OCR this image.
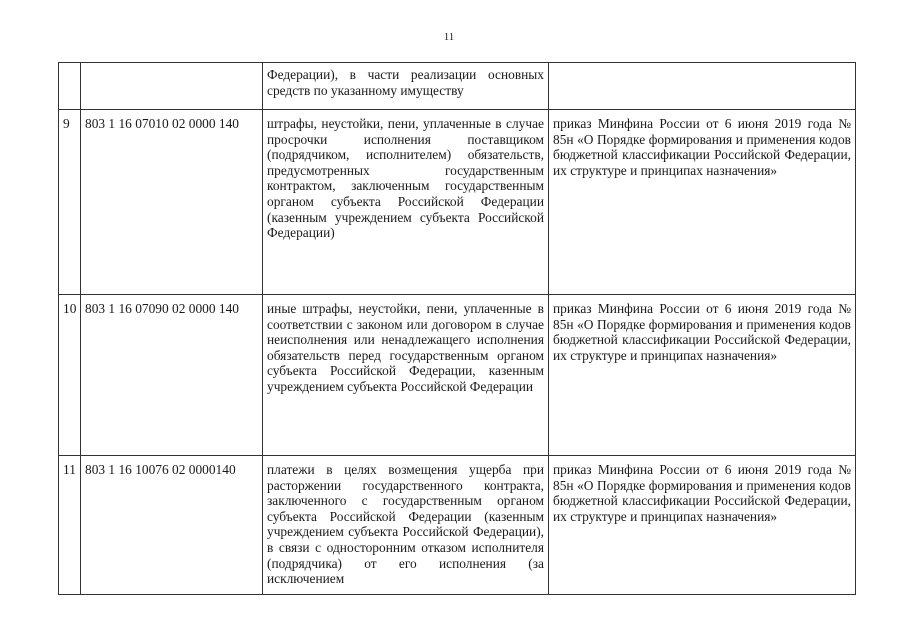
11
		Федерации), в части реализации основных средств по указанному имуществу	
9	803 1 16 07010 02 0000 140	штрафы, неустойки, пени, уплаченные в случае просрочки исполнения поставщиком (подрядчиком, исполнителем) обязательств, предусмотренных государственным контрактом, заключенным государственным органом субъекта Российской Федерации (казенным учреждением субъекта Российской Федерации)	приказ Минфина России от 6 июня 2019 года № 85н «О Порядке формирования и применения кодов бюджетной классификации Российской Федерации, их структуре и принципах назначения»
10	803 1 16 07090 02 0000 140	иные штрафы, неустойки, пени, уплаченные в соответствии с законом или договором в случае неисполнения или ненадлежащего исполнения обязательств перед государственным органом субъекта Российской Федерации, казенным учреждением субъекта Российской Федерации	приказ Минфина России от 6 июня 2019 года № 85н «О Порядке формирования и применения кодов бюджетной классификации Российской Федерации, их структуре и принципах назначения»
11	803 1 16 10076 02 0000140	платежи в целях возмещения ущерба при расторжении государственного контракта, заключенного с государственным органом субъекта Российской Федерации (казенным учреждением субъекта Российской Федерации), в связи с односторонним отказом исполнителя (подрядчика) от его исполнения (за исключением	приказ Минфина России от 6 июня 2019 года № 85н «О Порядке формирования и применения кодов бюджетной классификации Российской Федерации, их структуре и принципах назначения»
